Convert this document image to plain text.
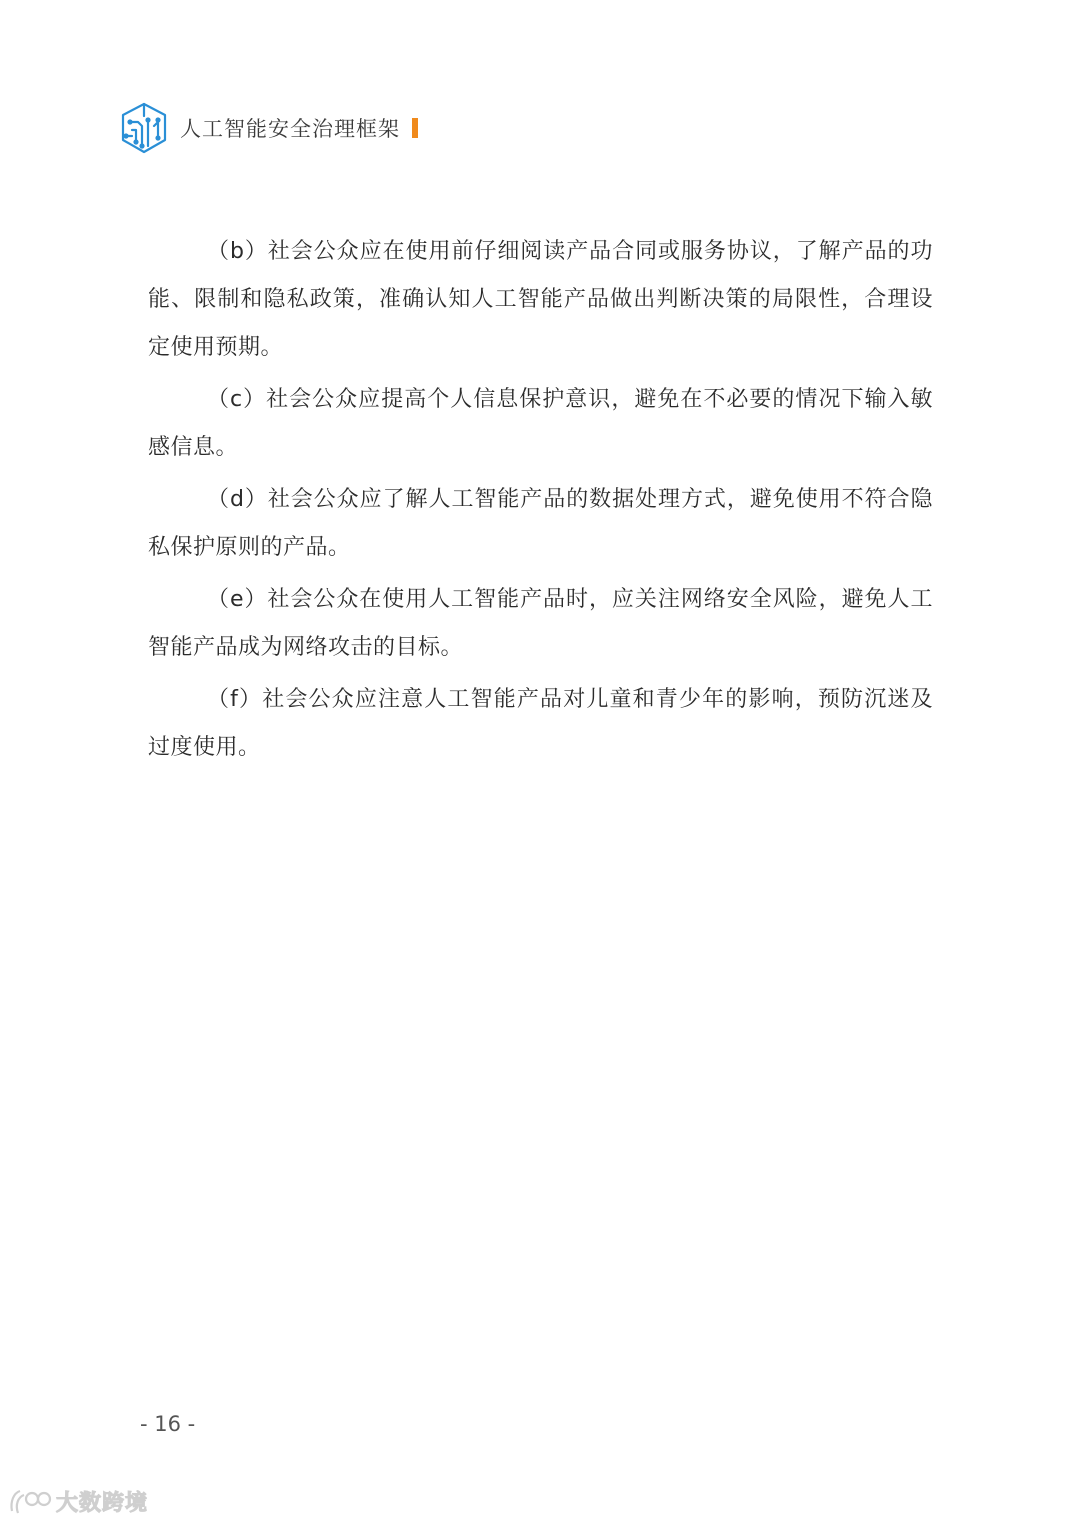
人工智能安全治理框架

（b）社会公众应在使用前仔细阅读产品合同或服务协议，了解产品的功能、限制和隐私政策，准确认知人工智能产品做出判断决策的局限性，合理设定使用预期。

（c）社会公众应提高个人信息保护意识，避免在不必要的情况下输入敏感信息。

（d）社会公众应了解人工智能产品的数据处理方式，避免使用不符合隐私保护原则的产品。

（e）社会公众在使用人工智能产品时，应关注网络安全风险，避免人工智能产品成为网络攻击的目标。

（f）社会公众应注意人工智能产品对儿童和青少年的影响，预防沉迷及过度使用。

- 16 -
大数跨境
